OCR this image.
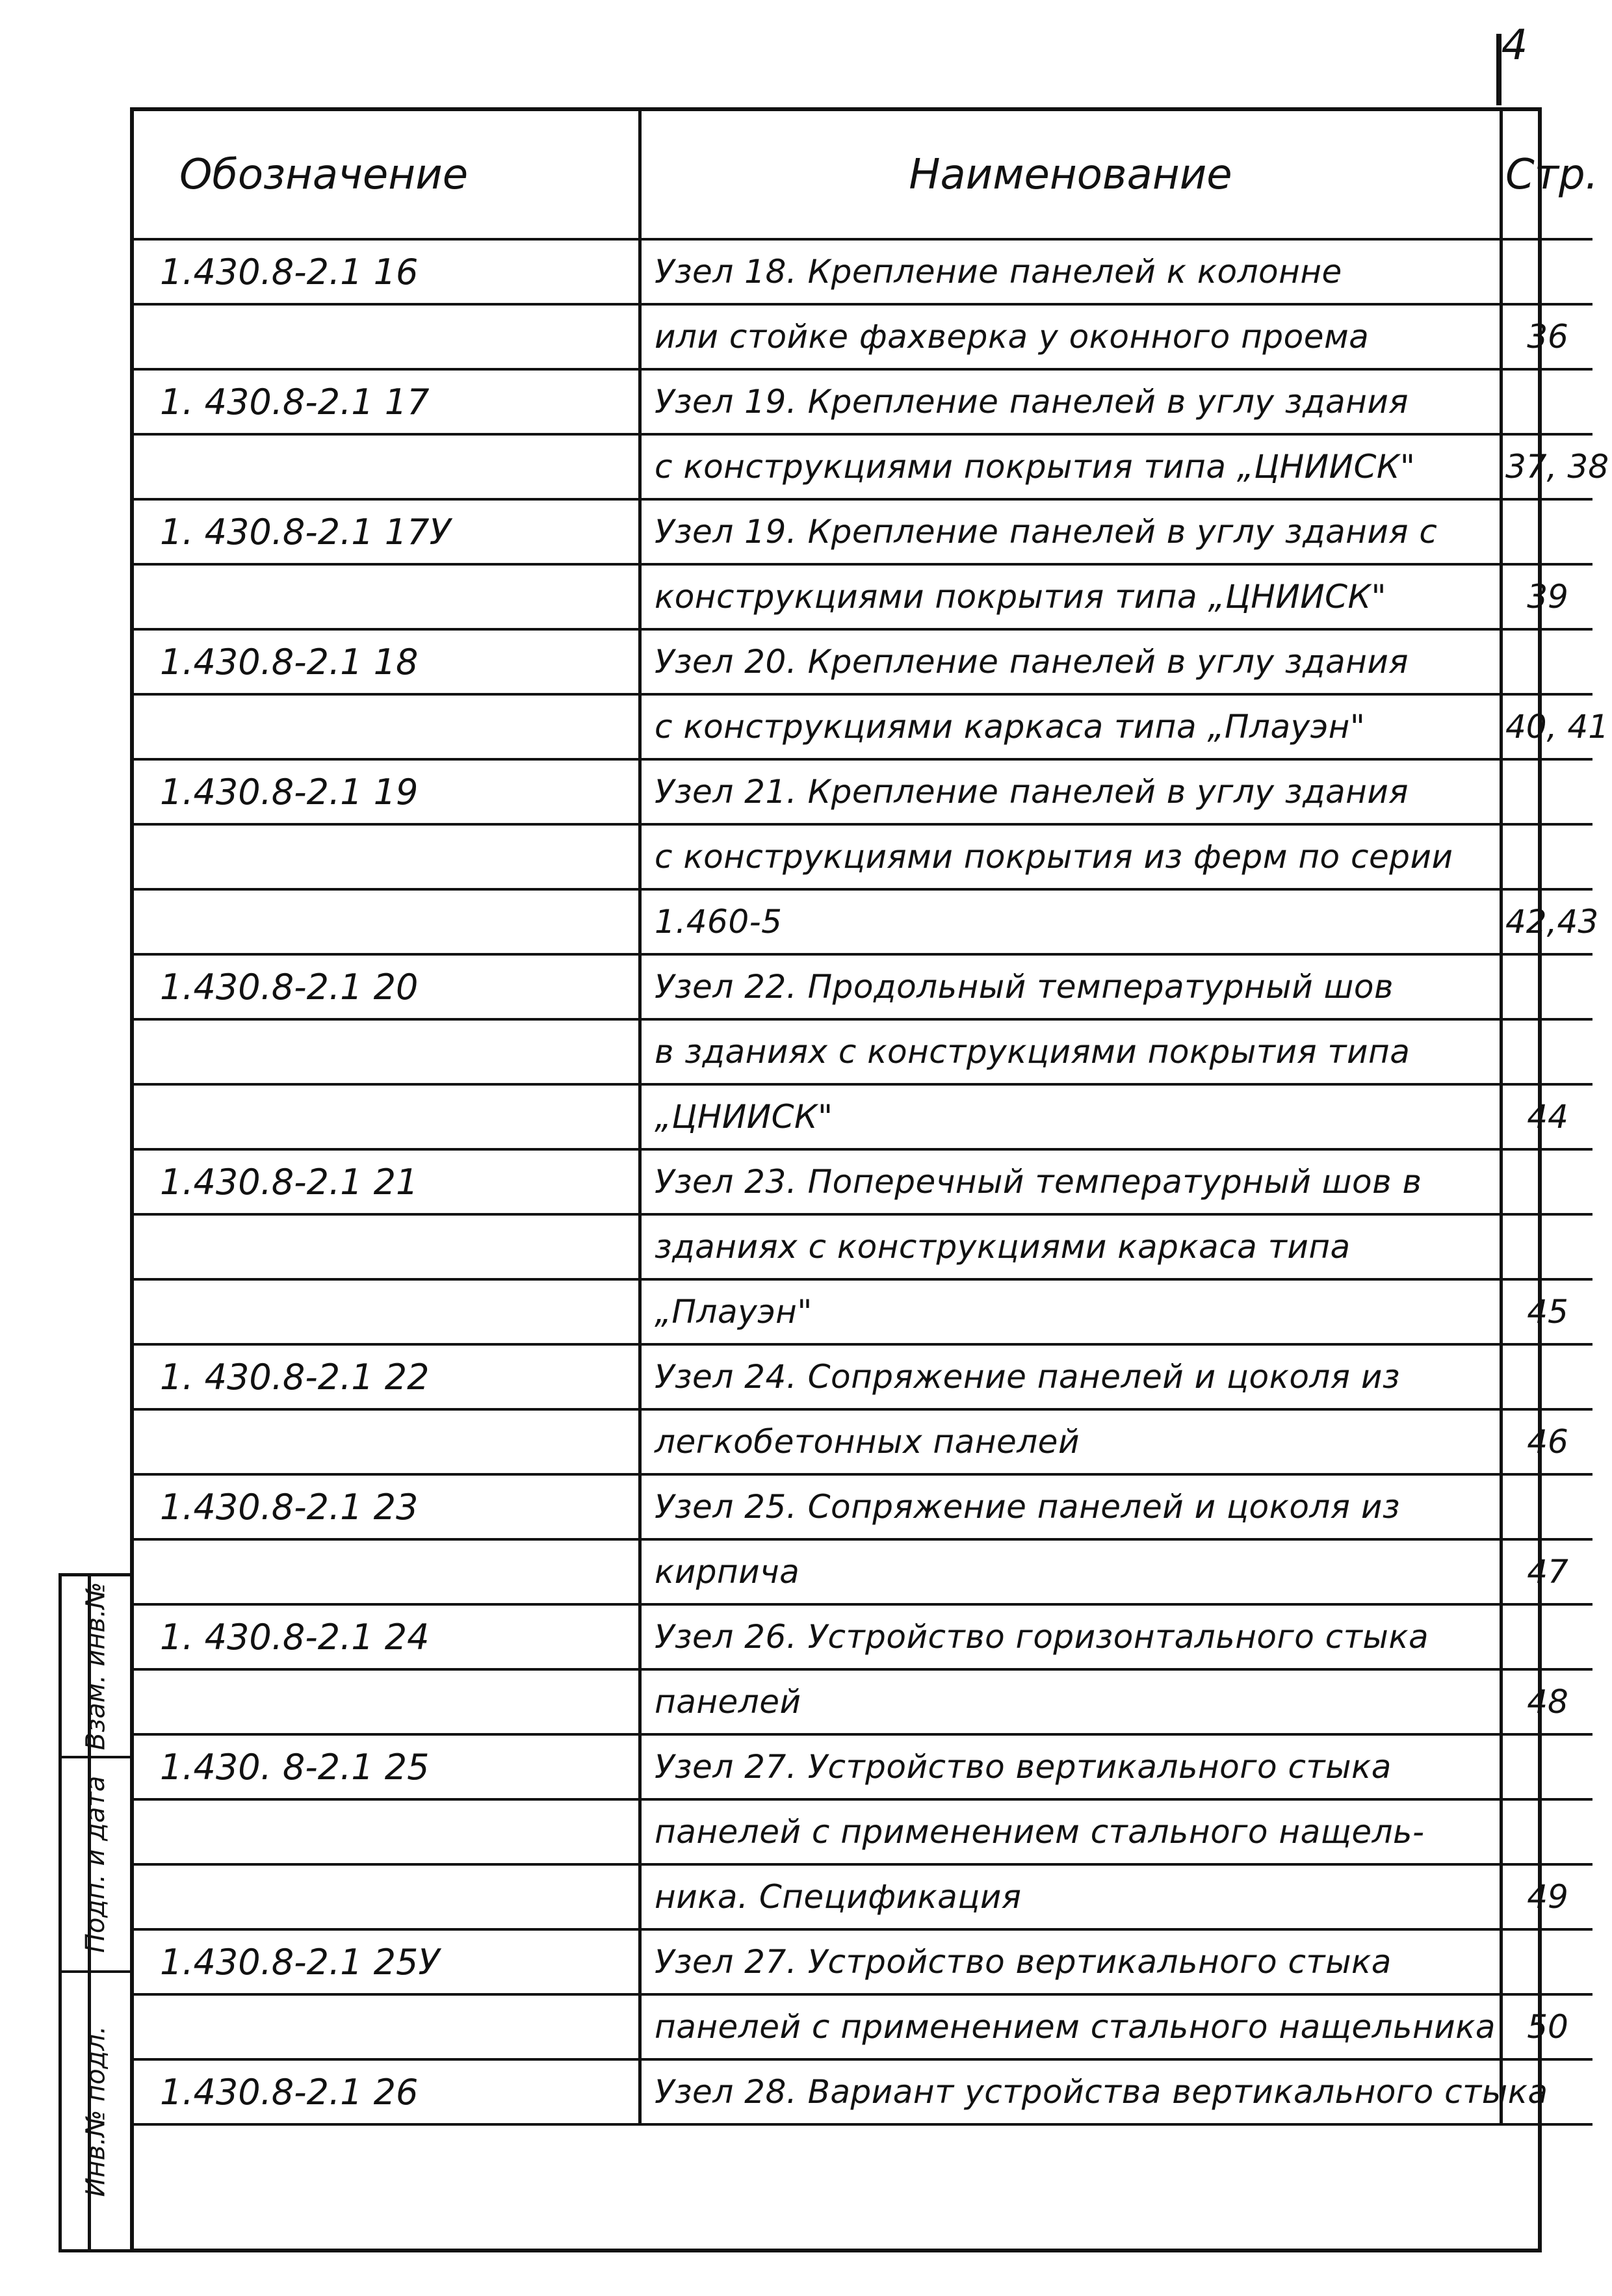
4
Обозначение	Наименование	Стр.
1.430.8-2.1 16	Узел 18. Крепление панелей к колонне	
	или стойке фахверка у оконного проема	36
1. 430.8-2.1 17	Узел 19. Крепление панелей в углу здания	
	с конструкциями покрытия типа „ЦНИИСК"	37, 38
1. 430.8-2.1 17У	Узел 19. Крепление панелей в углу здания с	
	конструкциями покрытия типа „ЦНИИСК"	39
1.430.8-2.1 18	Узел 20. Крепление панелей в углу здания	
	с конструкциями каркаса типа „Плауэн"	40, 41
1.430.8-2.1 19	Узел 21. Крепление панелей в углу здания	
	с конструкциями покрытия из ферм по серии	
	1.460-5	42,43
1.430.8-2.1 20	Узел 22. Продольный температурный шов	
	в зданиях с конструкциями покрытия типа	
	„ЦНИИСК"	44
1.430.8-2.1 21	Узел 23. Поперечный температурный шов в	
	зданиях с конструкциями каркаса типа	
	„Плауэн"	45
1. 430.8-2.1 22	Узел 24. Сопряжение панелей и цоколя из	
	легкобетонных панелей	46
1.430.8-2.1 23	Узел 25. Сопряжение панелей и цоколя из	
	кирпича	47
1. 430.8-2.1 24	Узел 26. Устройство горизонтального стыка	
	панелей	48
1.430. 8-2.1 25	Узел 27. Устройство вертикального стыка	
	панелей с применением стального нащель-	
	ника. Спецификация	49
1.430.8-2.1 25У	Узел 27. Устройство вертикального стыка	
	панелей с применением стального нащельника	50
1.430.8-2.1 26	Узел 28. Вариант устройства вертикального стыка	
Взам. инв.№
Подп. и дата
Инв.№ подл.
